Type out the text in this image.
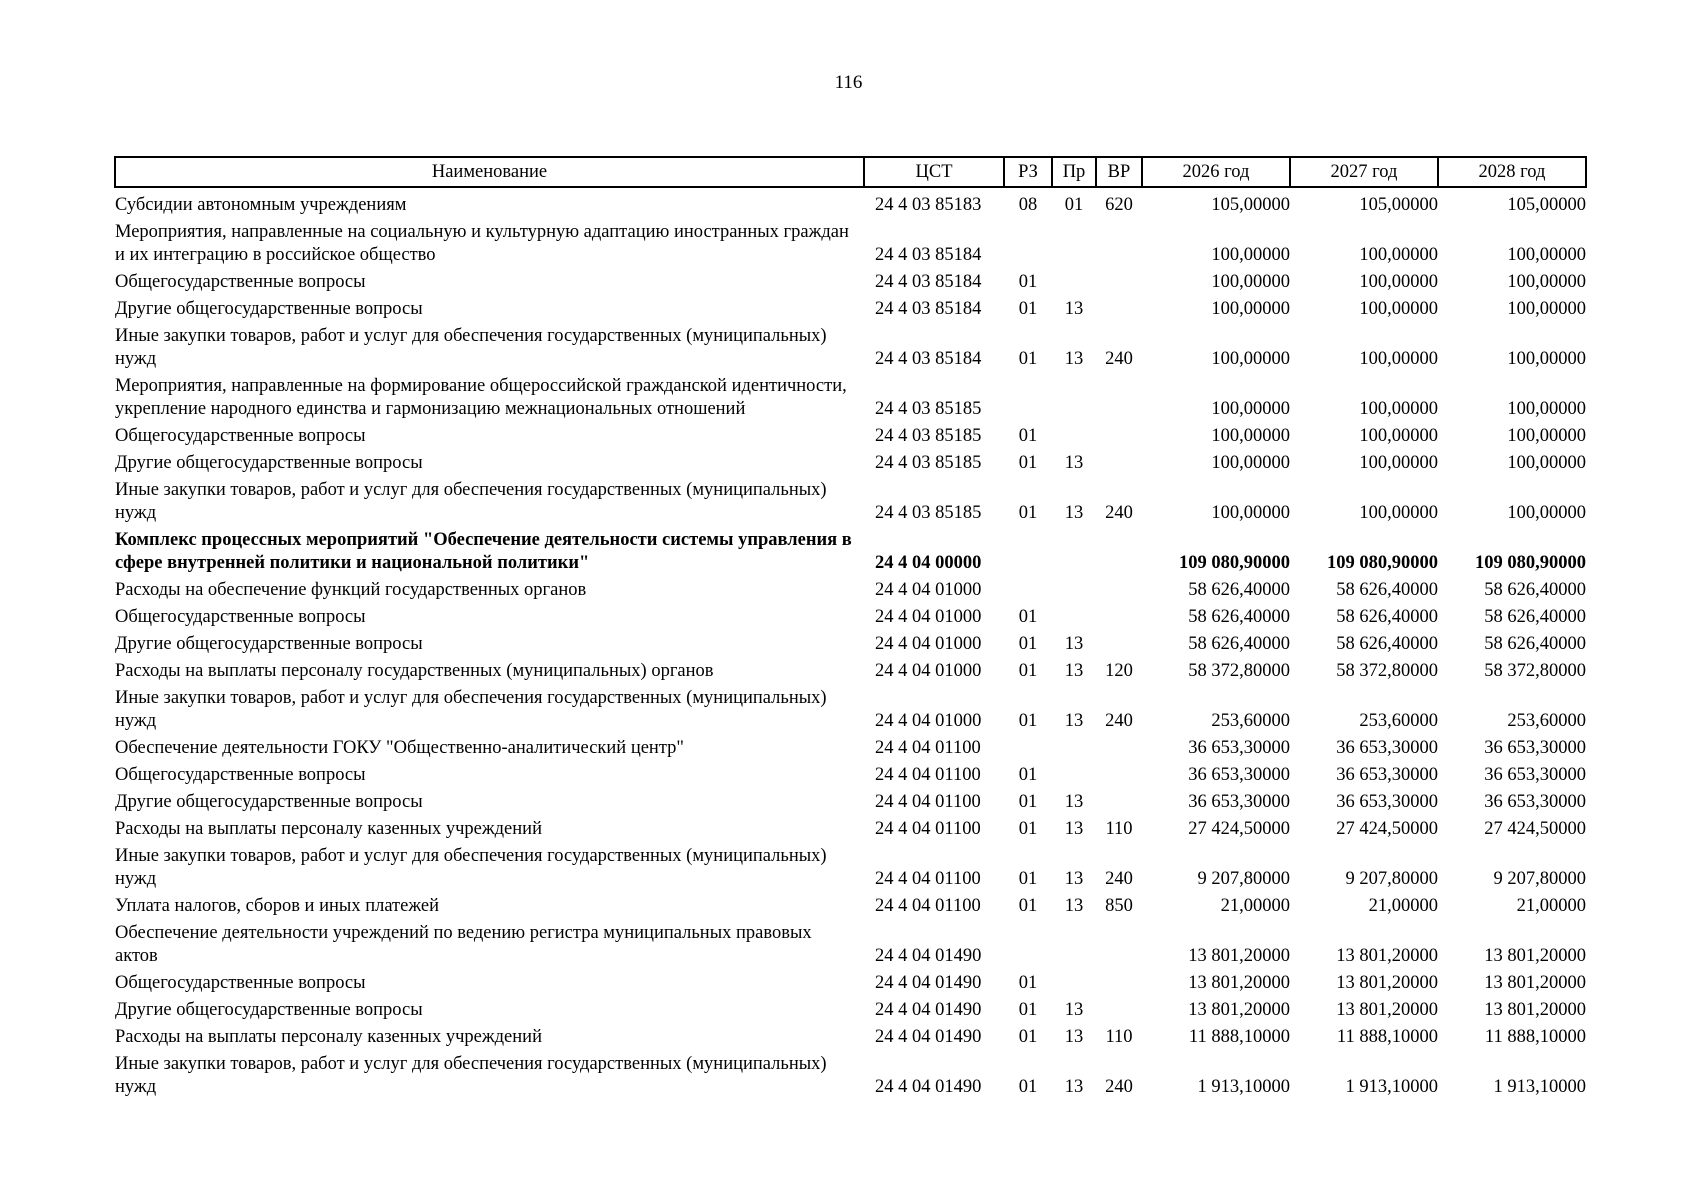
116
Наименование	ЦСТ	РЗ	Пр	ВР	2026 год	2027 год	2028 год
Субсидии автономным учреждениям	24 4 03 85183	08	01	620	105,00000	105,00000	105,00000
Мероприятия, направленные на социальную и культурную адаптацию иностранных граждан и их интеграцию в российское общество	24 4 03 85184				100,00000	100,00000	100,00000
Общегосударственные вопросы	24 4 03 85184	01			100,00000	100,00000	100,00000
Другие общегосударственные вопросы	24 4 03 85184	01	13		100,00000	100,00000	100,00000
Иные закупки товаров, работ и услуг для обеспечения государственных (муниципальных) нужд	24 4 03 85184	01	13	240	100,00000	100,00000	100,00000
Мероприятия, направленные на формирование общероссийской гражданской идентичности, укрепление народного единства и гармонизацию межнациональных отношений	24 4 03 85185				100,00000	100,00000	100,00000
Общегосударственные вопросы	24 4 03 85185	01			100,00000	100,00000	100,00000
Другие общегосударственные вопросы	24 4 03 85185	01	13		100,00000	100,00000	100,00000
Иные закупки товаров, работ и услуг для обеспечения государственных (муниципальных) нужд	24 4 03 85185	01	13	240	100,00000	100,00000	100,00000
Комплекс процессных мероприятий "Обеспечение деятельности системы управления в сфере внутренней политики и национальной политики"	24 4 04 00000				109 080,90000	109 080,90000	109 080,90000
Расходы на обеспечение функций государственных органов	24 4 04 01000				58 626,40000	58 626,40000	58 626,40000
Общегосударственные вопросы	24 4 04 01000	01			58 626,40000	58 626,40000	58 626,40000
Другие общегосударственные вопросы	24 4 04 01000	01	13		58 626,40000	58 626,40000	58 626,40000
Расходы на выплаты персоналу государственных (муниципальных) органов	24 4 04 01000	01	13	120	58 372,80000	58 372,80000	58 372,80000
Иные закупки товаров, работ и услуг для обеспечения государственных (муниципальных) нужд	24 4 04 01000	01	13	240	253,60000	253,60000	253,60000
Обеспечение деятельности ГОКУ "Общественно-аналитический центр"	24 4 04 01100				36 653,30000	36 653,30000	36 653,30000
Общегосударственные вопросы	24 4 04 01100	01			36 653,30000	36 653,30000	36 653,30000
Другие общегосударственные вопросы	24 4 04 01100	01	13		36 653,30000	36 653,30000	36 653,30000
Расходы на выплаты персоналу казенных учреждений	24 4 04 01100	01	13	110	27 424,50000	27 424,50000	27 424,50000
Иные закупки товаров, работ и услуг для обеспечения государственных (муниципальных) нужд	24 4 04 01100	01	13	240	9 207,80000	9 207,80000	9 207,80000
Уплата налогов, сборов и иных платежей	24 4 04 01100	01	13	850	21,00000	21,00000	21,00000
Обеспечение деятельности учреждений по ведению регистра муниципальных правовых актов	24 4 04 01490				13 801,20000	13 801,20000	13 801,20000
Общегосударственные вопросы	24 4 04 01490	01			13 801,20000	13 801,20000	13 801,20000
Другие общегосударственные вопросы	24 4 04 01490	01	13		13 801,20000	13 801,20000	13 801,20000
Расходы на выплаты персоналу казенных учреждений	24 4 04 01490	01	13	110	11 888,10000	11 888,10000	11 888,10000
Иные закупки товаров, работ и услуг для обеспечения государственных (муниципальных) нужд	24 4 04 01490	01	13	240	1 913,10000	1 913,10000	1 913,10000
